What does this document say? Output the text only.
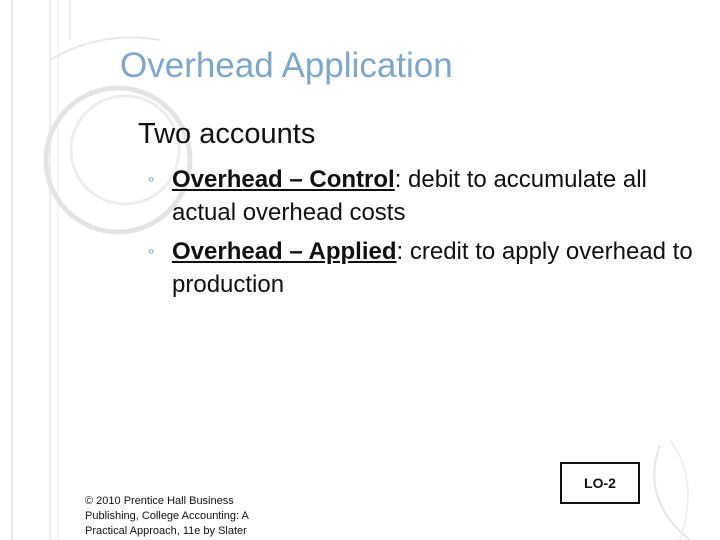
Overhead Application
Two accounts
◦ Overhead – Control: debit to accumulate all actual overhead costs
◦ Overhead – Applied: credit to apply overhead to production
© 2010 Prentice Hall Business Publishing, College Accounting: A Practical Approach, 11e by Slater
LO-2
